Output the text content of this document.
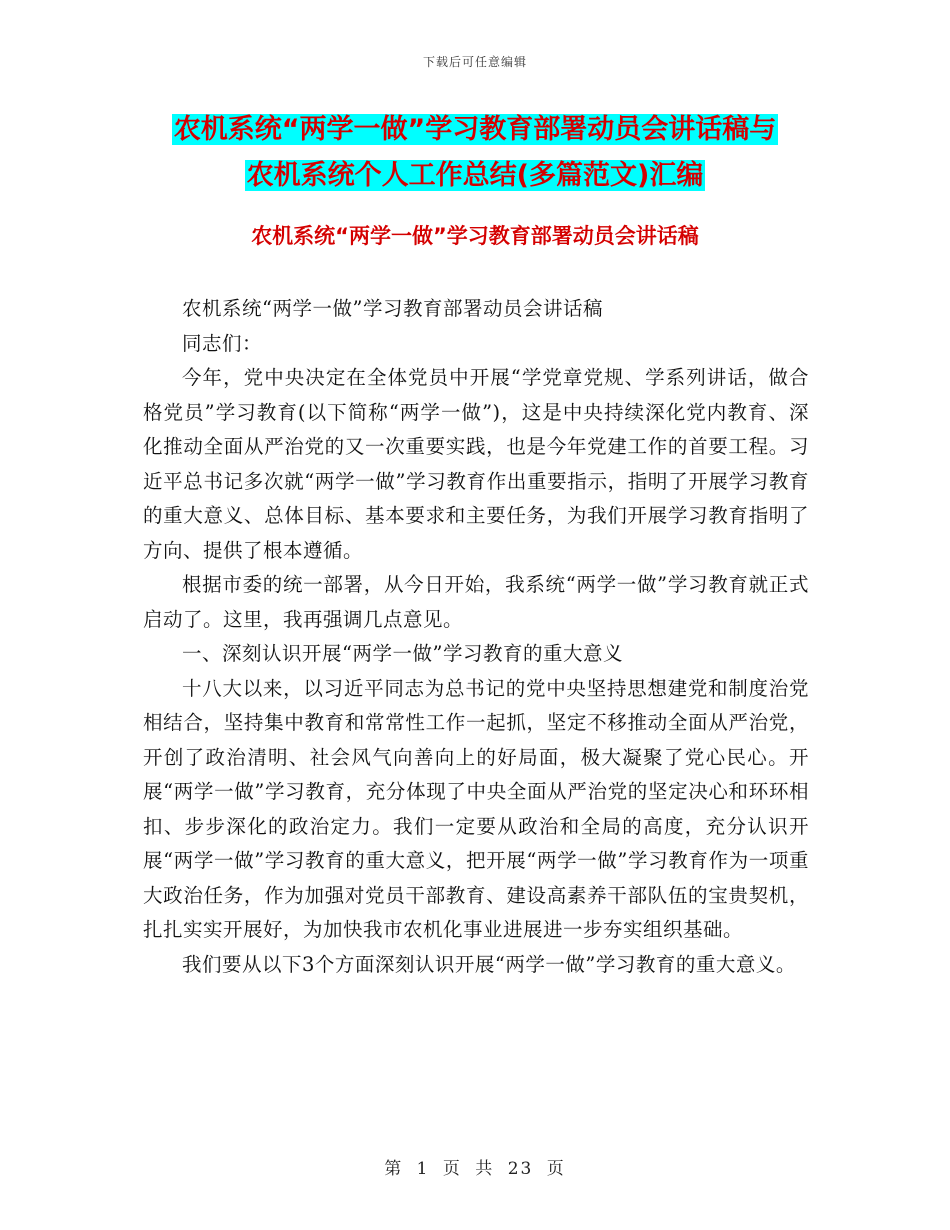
下载后可任意编辑
农机系统“两学一做”学习教育部署动员会讲话稿与
农机系统个人工作总结(多篇范文)汇编
农机系统“两学一做”学习教育部署动员会讲话稿

农机系统“两学一做”学习教育部署动员会讲话稿

同志们：

今年，党中央决定在全体党员中开展“学党章党规、学系列讲话，做合格党员”学习教育(以下简称“两学一做”)，这是中央持续深化党内教育、深化推动全面从严治党的又一次重要实践，也是今年党建工作的首要工程。习近平总书记多次就“两学一做”学习教育作出重要指示，指明了开展学习教育的重大意义、总体目标、基本要求和主要任务，为我们开展学习教育指明了方向、提供了根本遵循。

根据市委的统一部署，从今日开始，我系统“两学一做”学习教育就正式启动了。这里，我再强调几点意见。

一、深刻认识开展“两学一做”学习教育的重大意义

十八大以来，以习近平同志为总书记的党中央坚持思想建党和制度治党相结合，坚持集中教育和常常性工作一起抓，坚定不移推动全面从严治党，开创了政治清明、社会风气向善向上的好局面，极大凝聚了党心民心。开展“两学一做”学习教育，充分体现了中央全面从严治党的坚定决心和环环相扣、步步深化的政治定力。我们一定要从政治和全局的高度，充分认识开展“两学一做”学习教育的重大意义，把开展“两学一做”学习教育作为一项重大政治任务，作为加强对党员干部教育、建设高素养干部队伍的宝贵契机，扎扎实实开展好，为加快我市农机化事业进展进一步夯实组织基础。

我们要从以下3个方面深刻认识开展“两学一做”学习教育的重大意义。

第 1 页 共 23 页
